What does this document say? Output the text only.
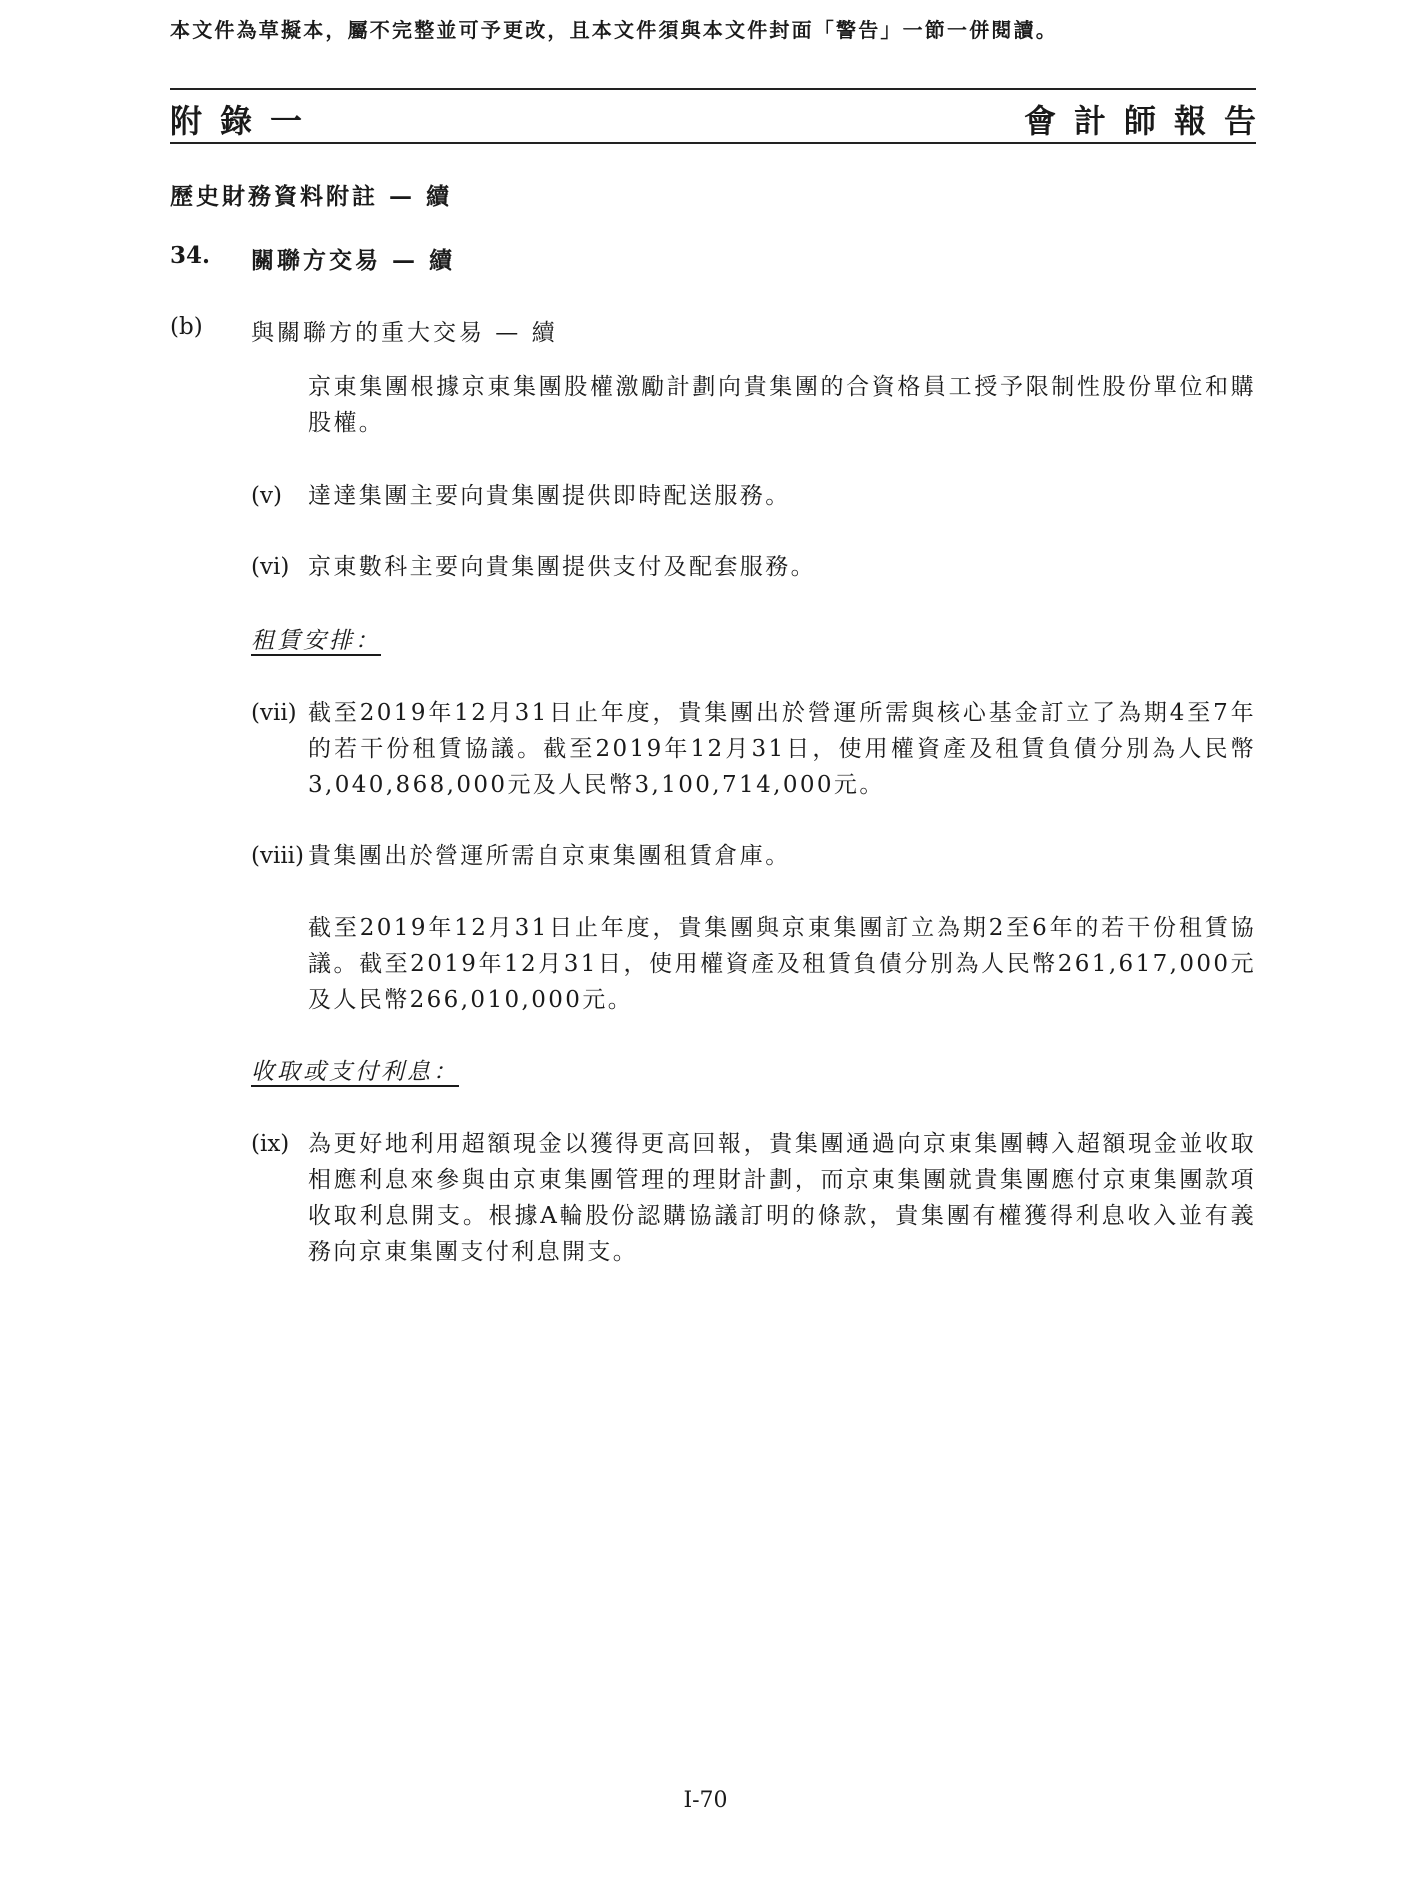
本文件為草擬本，屬不完整並可予更改，且本文件須與本文件封面「警告」一節一併閱讀。
附錄一	會計師報告
歷史財務資料附註 — 續
34. 關聯方交易 — 續
(b) 與關聯方的重大交易 — 續
京東集團根據京東集團股權激勵計劃向貴集團的合資格員工授予限制性股份單位和購股權。
(v) 達達集團主要向貴集團提供即時配送服務。
(vi) 京東數科主要向貴集團提供支付及配套服務。
租賃安排：
(vii) 截至2019年12月31日止年度，貴集團出於營運所需與核心基金訂立了為期4至7年的若干份租賃協議。截至2019年12月31日，使用權資產及租賃負債分別為人民幣3,040,868,000元及人民幣3,100,714,000元。
(viii) 貴集團出於營運所需自京東集團租賃倉庫。
截至2019年12月31日止年度，貴集團與京東集團訂立為期2至6年的若干份租賃協議。截至2019年12月31日，使用權資產及租賃負債分別為人民幣261,617,000元及人民幣266,010,000元。
收取或支付利息：
(ix) 為更好地利用超額現金以獲得更高回報，貴集團通過向京東集團轉入超額現金並收取相應利息來參與由京東集團管理的理財計劃，而京東集團就貴集團應付京東集團款項收取利息開支。根據A輪股份認購協議訂明的條款，貴集團有權獲得利息收入並有義務向京東集團支付利息開支。
I-70
